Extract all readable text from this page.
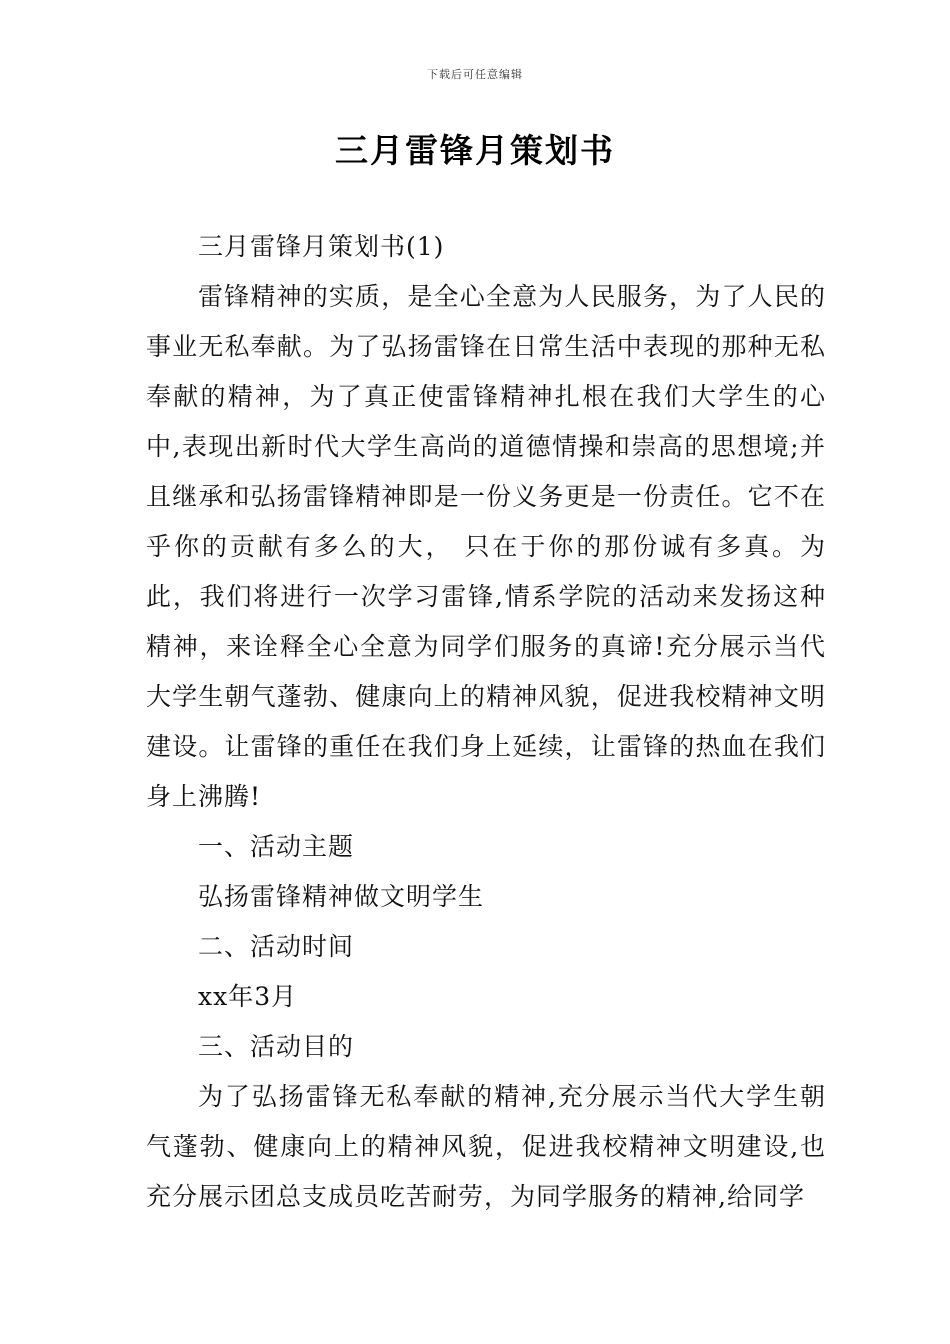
下载后可任意编辑
三月雷锋月策划书

三月雷锋月策划书(1)

雷锋精神的实质，是全心全意为人民服务，为了人民的事业无私奉献。为了弘扬雷锋在日常生活中表现的那种无私奉献的精神，为了真正使雷锋精神扎根在我们大学生的心中,表现出新时代大学生高尚的道德情操和崇高的思想境;并且继承和弘扬雷锋精神即是一份义务更是一份责任。它不在乎你的贡献有多么的大， 只在于你的那份诚有多真。为此，我们将进行一次学习雷锋,情系学院的活动来发扬这种精神，来诠释全心全意为同学们服务的真谛!充分展示当代大学生朝气蓬勃、健康向上的精神风貌，促进我校精神文明建设。让雷锋的重任在我们身上延续，让雷锋的热血在我们身上沸腾!

一、活动主题

弘扬雷锋精神做文明学生

二、活动时间

xx年3月

三、活动目的

为了弘扬雷锋无私奉献的精神,充分展示当代大学生朝气蓬勃、健康向上的精神风貌，促进我校精神文明建设,也充分展示团总支成员吃苦耐劳，为同学服务的精神,给同学
